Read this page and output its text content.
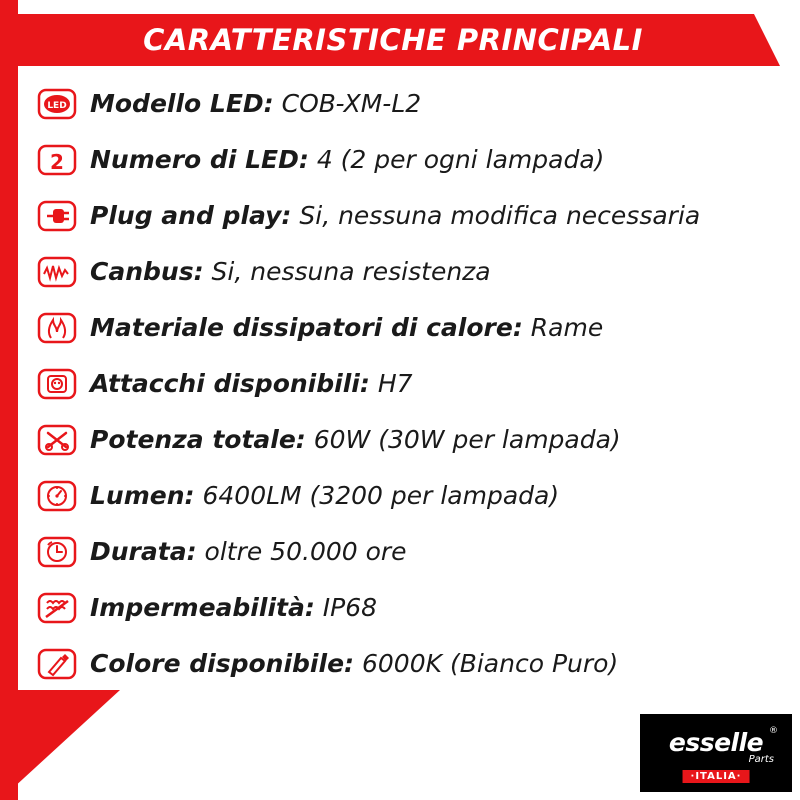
CARATTERISTICHE PRINCIPALI
LED Modello LED: COB-XM-L2
2 Numero di LED: 4 (2 per ogni lampada)
Plug and play: Si, nessuna modifica necessaria
Canbus: Si, nessuna resistenza
Materiale dissipatori di calore: Rame
Attacchi disponibili: H7
Potenza totale: 60W (30W per lampada)
Lumen: 6400LM (3200 per lampada)
Durata: oltre 50.000 ore
Impermeabilità: IP68
Colore disponibile: 6000K (Bianco Puro)
esselle ®
Parts
·ITALIA·
